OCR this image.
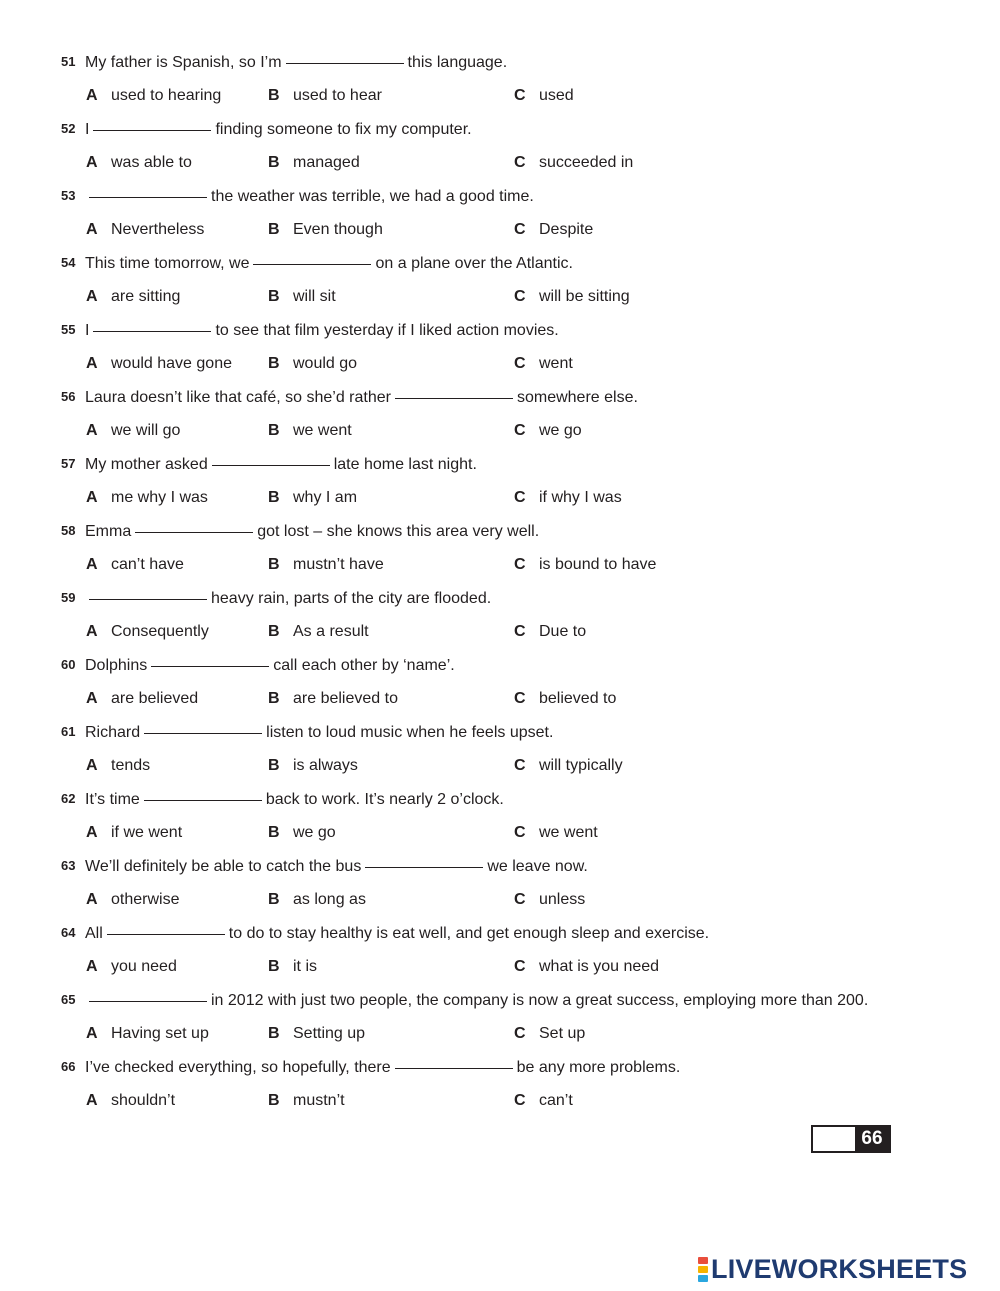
51 My father is Spanish, so I’m	this language.
A used to hearing	B used to hear	C used
52 I	finding someone to fix my computer.
A was able to	B managed	C succeeded in
53	the weather was terrible, we had a good time.
A Nevertheless	B Even though	C Despite
54 This time tomorrow, we	on a plane over the Atlantic.
A are sitting	B will sit	C will be sitting
55 I	to see that film yesterday if I liked action movies.
A would have gone B would go	C went
56 Laura doesn’t like that café, so she’d rather	somewhere else.
A we will go	B we went	C we go
57 My mother asked	late home last night.
A me why I was	B why I am	C if why I was
58 Emma	got lost – she knows this area very well.
A can’t have	B mustn’t have	C is bound to have
59	heavy rain, parts of the city are flooded.
A Consequently	B As a result	C Due to
60 Dolphins	call each other by ‘name’.
A are believed	B are believed to	C believed to
61 Richard	listen to loud music when he feels upset.
A tends	B is always	C will typically
62 It’s time	back to work. It’s nearly 2 o’clock.
A if we went	B we go	C we went
63 We’ll definitely be able to catch the bus	we leave now.
A otherwise	B as long as	C unless
64 All	to do to stay healthy is eat well, and get enough sleep and exercise.
A you need	B it is	C what is you need
65	in 2012 with just two people, the company is now a great success, employing more than 200.
A Having set up	B Setting up	C Set up
66 I’ve checked everything, so hopefully, there	be any more problems.
A shouldn’t	B mustn’t	C can’t
66
LIVEWORKSHEETS
